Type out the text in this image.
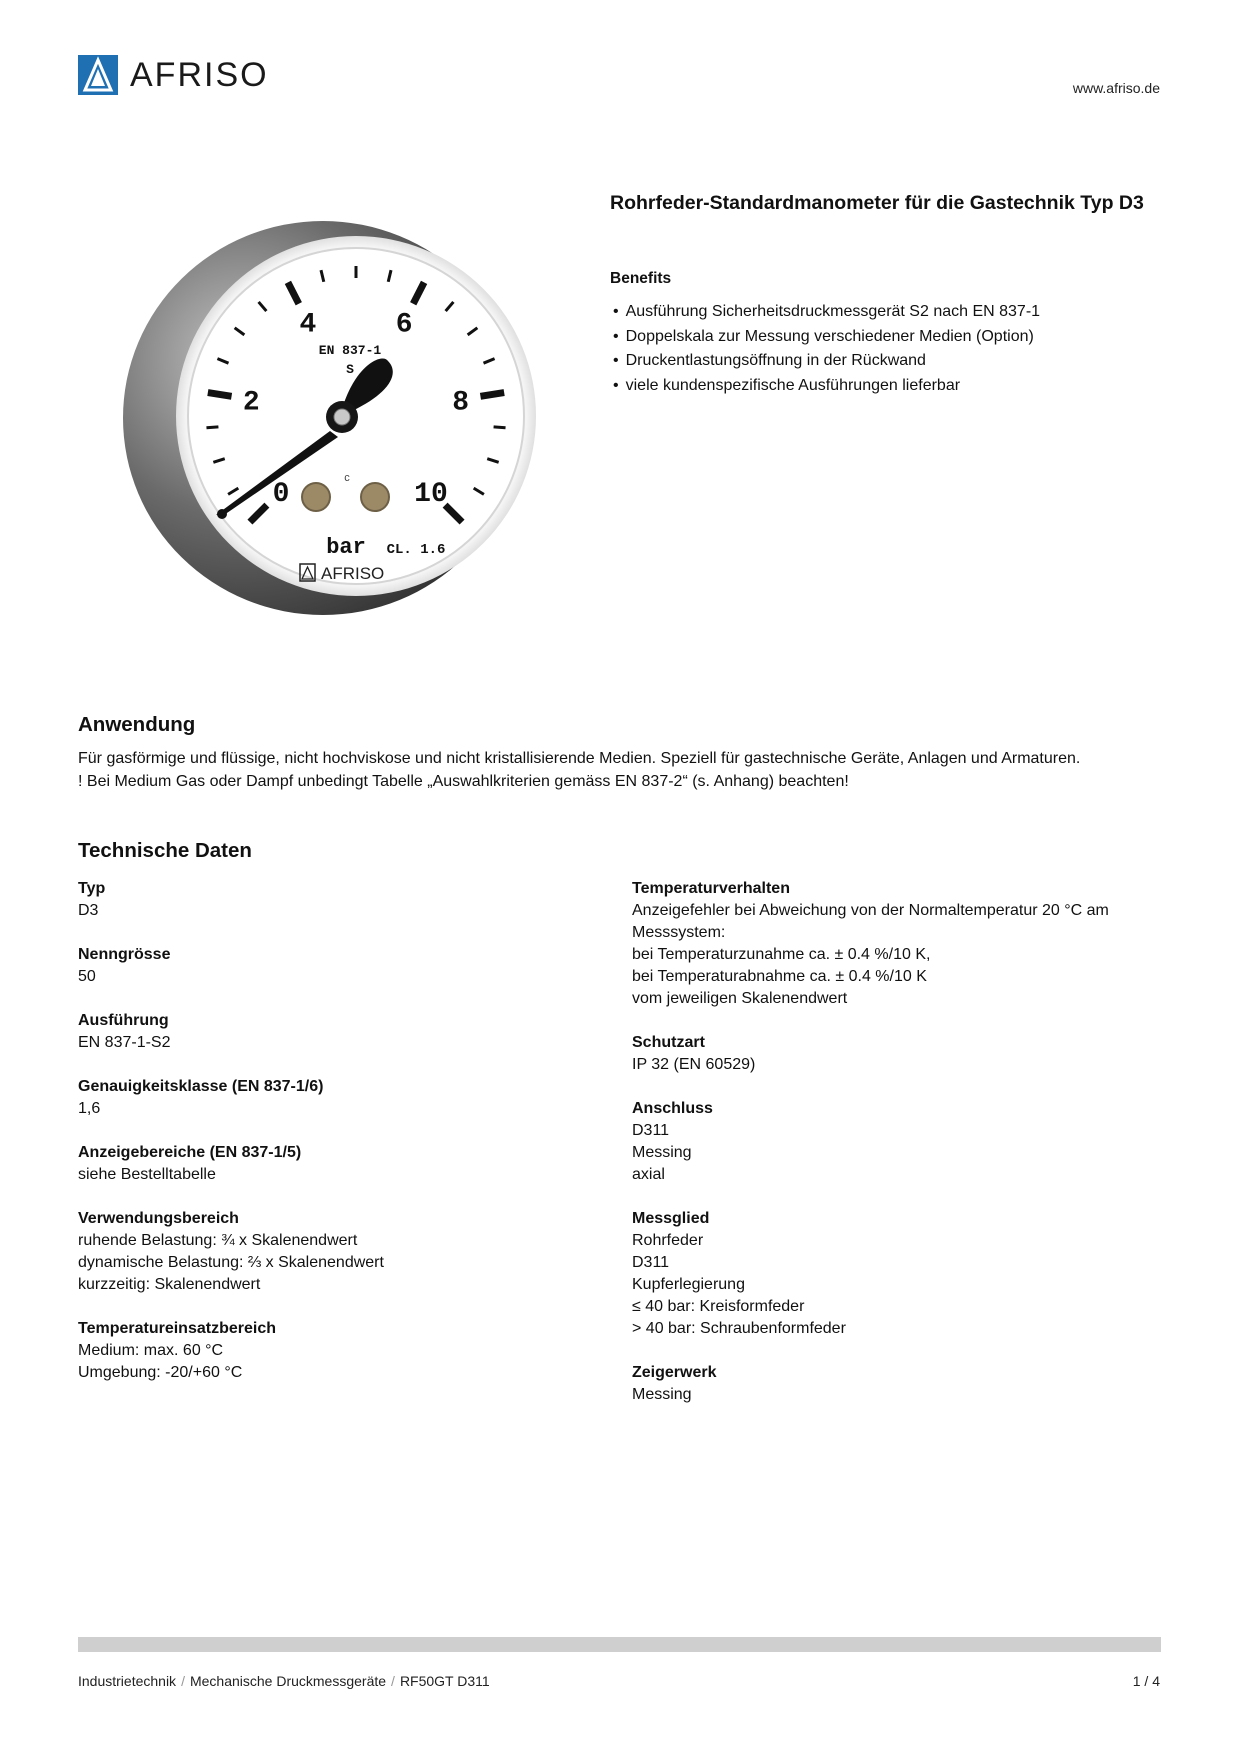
AFRISO	www.afriso.de
0
2
4	6
8
10
EN 837-1
S
c
bar CL. 1.6
AFRISO
Rohrfeder-Standardmanometer für die Gastechnik Typ D3
Benefits
• Ausführung Sicherheitsdruckmessgerät S2 nach EN 837-1
• Doppelskala zur Messung verschiedener Medien (Option)
• Druckentlastungsöffnung in der Rückwand
• viele kundenspezifische Ausführungen lieferbar
Anwendung
Für gasförmige und flüssige, nicht hochviskose und nicht kristallisierende Medien. Speziell für gastechnische Geräte, Anlagen und Armaturen.
! Bei Medium Gas oder Dampf unbedingt Tabelle „Auswahlkriterien gemäss EN 837-2“ (s. Anhang) beachten!
Technische Daten
Typ
D3
Nenngrösse
50
Ausführung
EN 837-1-S2
Genauigkeitsklasse (EN 837-1/6)
1,6
Anzeigebereiche (EN 837-1/5)
siehe Bestelltabelle
Verwendungsbereich
ruhende Belastung: ¾ x Skalenendwert
dynamische Belastung: ⅔ x Skalenendwert
kurzzeitig: Skalenendwert
Temperatureinsatzbereich
Medium: max. 60 °C
Umgebung: -20/+60 °C
Temperaturverhalten
Anzeigefehler bei Abweichung von der Normaltemperatur 20 °C am Messsystem:
bei Temperaturzunahme ca. ± 0.4 %/10 K,
bei Temperaturabnahme ca. ± 0.4 %/10 K
vom jeweiligen Skalenendwert
Schutzart
IP 32 (EN 60529)
Anschluss
D311
Messing
axial
Messglied
Rohrfeder
D311
Kupferlegierung
≤ 40 bar: Kreisformfeder
> 40 bar: Schraubenformfeder
Zeigerwerk
Messing
Industrietechnik / Mechanische Druckmessgeräte / RF50GT D311	1 / 4
